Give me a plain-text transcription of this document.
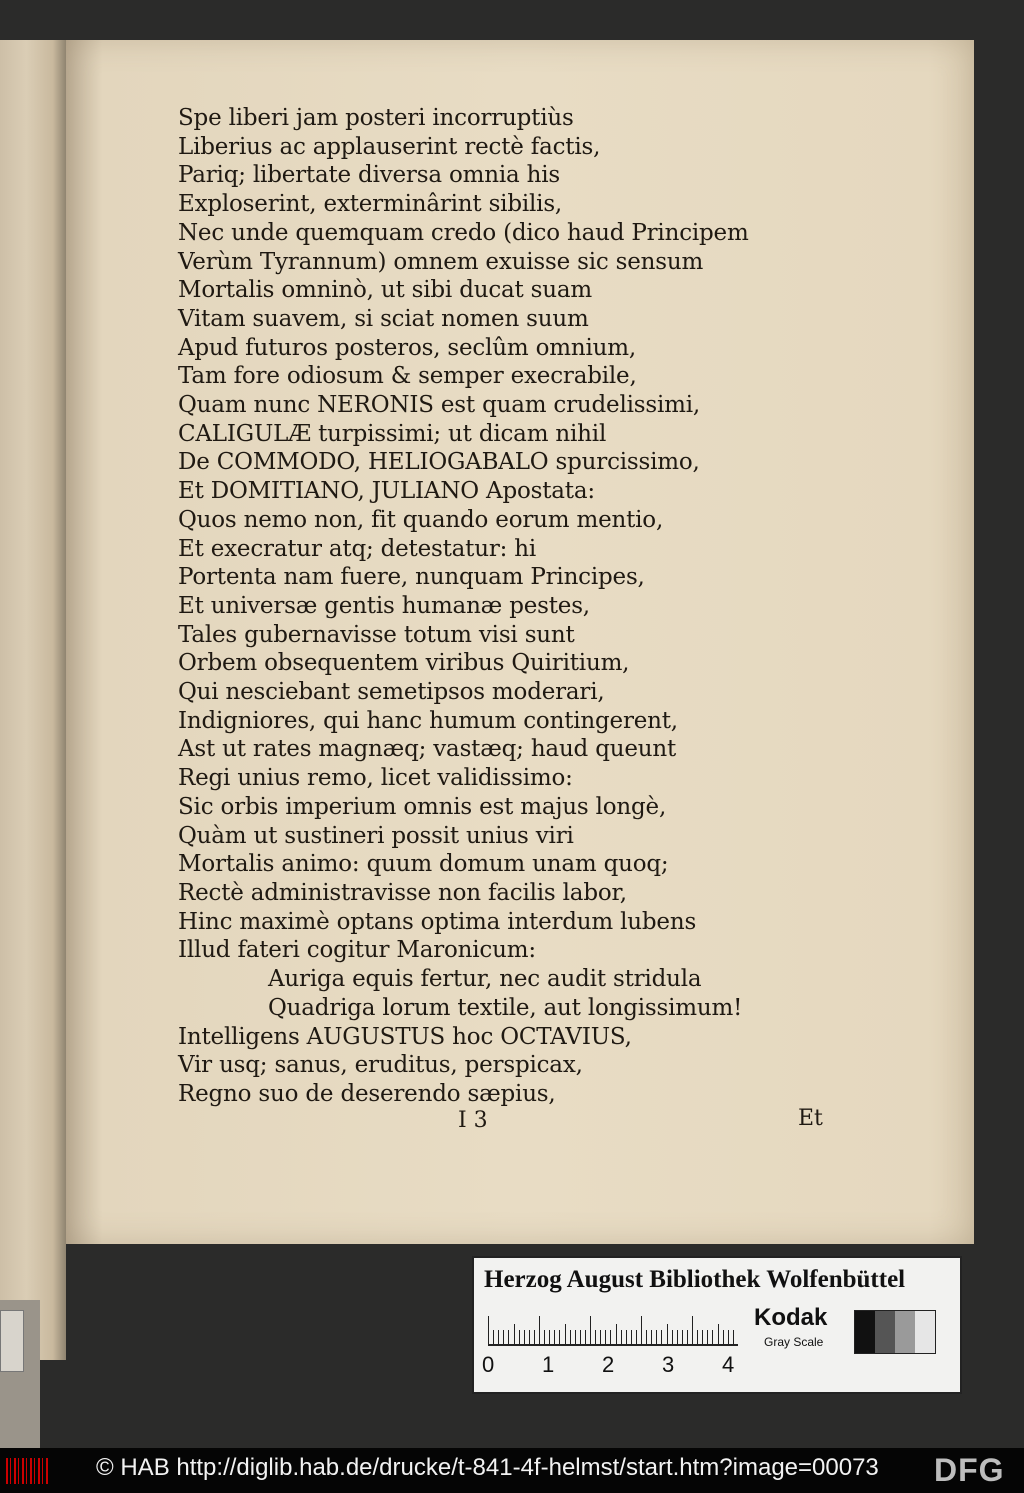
Spe liberi jam posteri incorruptiùs
Liberius ac applauserint rectè factis,
Pariq; libertate diversa omnia his
Exploserint, exterminârint sibilis,
Nec unde quemquam credo (dico haud Principem
Verùm Tyrannum) omnem exuisse sic sensum
Mortalis omninò, ut sibi ducat suam
Vitam suavem, si sciat nomen suum
Apud futuros posteros, seclûm omnium,
Tam fore odiosum & semper execrabile,
Quam nunc NERONIS est quam crudelissimi,
CALIGULÆ turpissimi; ut dicam nihil
De COMMODO, HELIOGABALO spurcissimo,
Et DOMITIANO, JULIANO Apostata:
Quos nemo non, fit quando eorum mentio,
Et execratur atq; detestatur: hi
Portenta nam fuere, nunquam Principes,
Et universæ gentis humanæ pestes,
Tales gubernavisse totum visi sunt
Orbem obsequentem viribus Quiritium,
Qui nesciebant semetipsos moderari,
Indigniores, qui hanc humum contingerent,
Ast ut rates magnæq; vastæq; haud queunt
Regi unius remo, licet validissimo:
Sic orbis imperium omnis est majus longè,
Quàm ut sustineri possit unius viri
Mortalis animo: quum domum unam quoq;
Rectè administravisse non facilis labor,
Hinc maximè optans optima interdum lubens
Illud fateri cogitur Maronicum:
Auriga equis fertur, nec audit stridula
Quadriga lorum textile, aut longissimum!
Intelligens AUGUSTUS hoc OCTAVIUS,
Vir usq; sanus, eruditus, perspicax,
Regno suo de deserendo sæpius,
I 3	Et
Herzog August Bibliothek Wolfenbüttel
0 1 2 3 4
Kodak
Gray Scale
© HAB http://diglib.hab.de/drucke/t-841-4f-helmst/start.htm?image=00073 DFG
